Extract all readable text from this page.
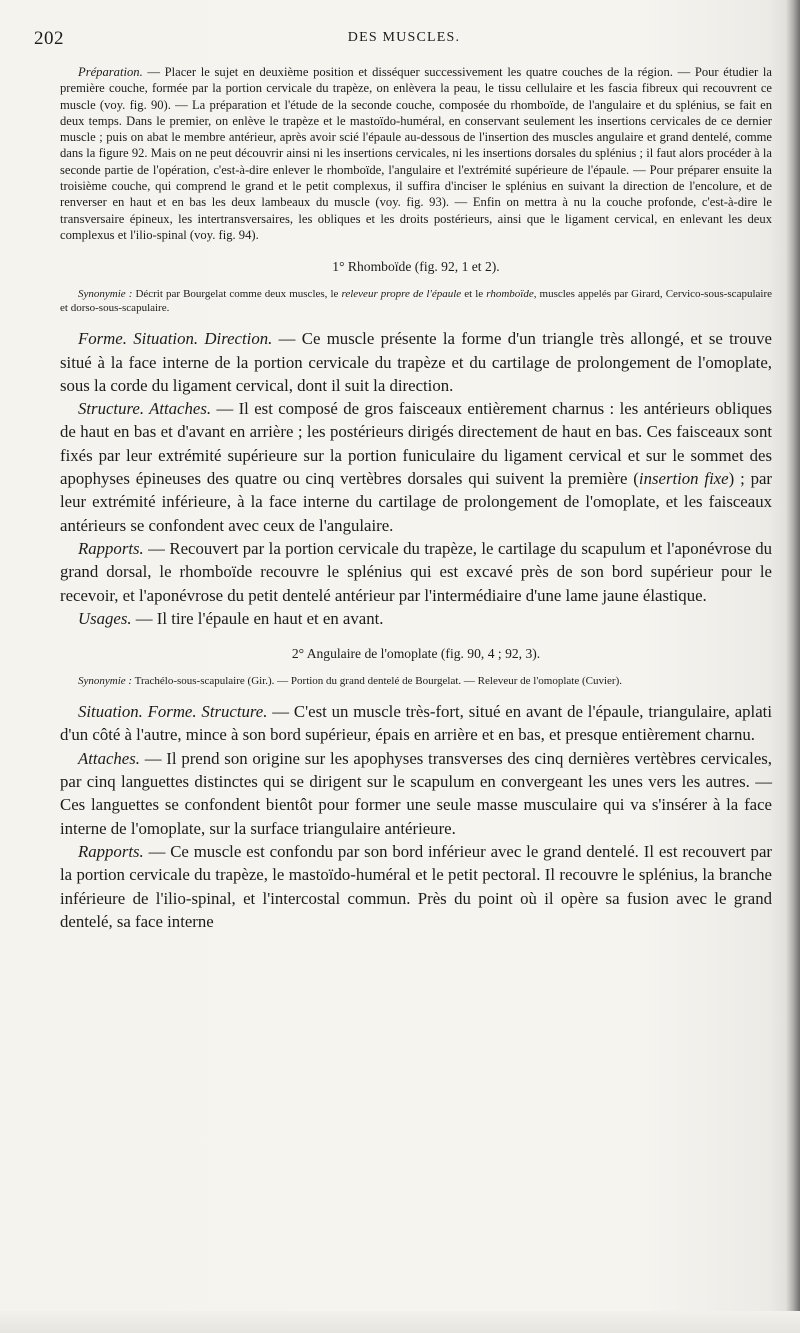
202	DES MUSCLES.

Préparation. — Placer le sujet en deuxième position et disséquer successivement les quatre couches de la région. — Pour étudier la première couche, formée par la portion cervicale du trapèze, on enlèvera la peau, le tissu cellulaire et les fascia fibreux qui recouvrent ce muscle (voy. fig. 90). — La préparation et l'étude de la seconde couche, composée du rhomboïde, de l'angulaire et du splénius, se fait en deux temps. Dans le premier, on enlève le trapèze et le mastoïdo-huméral, en conservant seulement les insertions cervicales de ce dernier muscle ; puis on abat le membre antérieur, après avoir scié l'épaule au-dessous de l'insertion des muscles angulaire et grand dentelé, comme dans la figure 92. Mais on ne peut découvrir ainsi ni les insertions cervicales, ni les insertions dorsales du splénius ; il faut alors procéder à la seconde partie de l'opération, c'est-à-dire enlever le rhomboïde, l'angulaire et l'extrémité supérieure de l'épaule. — Pour préparer ensuite la troisième couche, qui comprend le grand et le petit complexus, il suffira d'inciser le splénius en suivant la direction de l'encolure, et de renverser en haut et en bas les deux lambeaux du muscle (voy. fig. 93). — Enfin on mettra à nu la couche profonde, c'est-à-dire le transversaire épineux, les intertransversaires, les obliques et les droits postérieurs, ainsi que le ligament cervical, en enlevant les deux complexus et l'ilio-spinal (voy. fig. 94).

1° Rhomboïde (fig. 92, 1 et 2).

Synonymie : Décrit par Bourgelat comme deux muscles, le releveur propre de l'épaule et le rhomboïde, muscles appelés par Girard, Cervico-sous-scapulaire et dorso-sous-scapulaire.

Forme. Situation. Direction. — Ce muscle présente la forme d'un triangle très allongé, et se trouve situé à la face interne de la portion cervicale du trapèze et du cartilage de prolongement de l'omoplate, sous la corde du ligament cervical, dont il suit la direction.

Structure. Attaches. — Il est composé de gros faisceaux entièrement charnus : les antérieurs obliques de haut en bas et d'avant en arrière ; les postérieurs dirigés directement de haut en bas. Ces faisceaux sont fixés par leur extrémité supérieure sur la portion funiculaire du ligament cervical et sur le sommet des apophyses épineuses des quatre ou cinq vertèbres dorsales qui suivent la première (insertion fixe) ; par leur extrémité inférieure, à la face interne du cartilage de prolongement de l'omoplate, et les faisceaux antérieurs se confondent avec ceux de l'angulaire.

Rapports. — Recouvert par la portion cervicale du trapèze, le cartilage du scapulum et l'aponévrose du grand dorsal, le rhomboïde recouvre le splénius qui est excavé près de son bord supérieur pour le recevoir, et l'aponévrose du petit dentelé antérieur par l'intermédiaire d'une lame jaune élastique.

Usages. — Il tire l'épaule en haut et en avant.

2° Angulaire de l'omoplate (fig. 90, 4 ; 92, 3).

Synonymie : Trachélo-sous-scapulaire (Gir.). — Portion du grand dentelé de Bourgelat. — Releveur de l'omoplate (Cuvier).

Situation. Forme. Structure. — C'est un muscle très-fort, situé en avant de l'épaule, triangulaire, aplati d'un côté à l'autre, mince à son bord supérieur, épais en arrière et en bas, et presque entièrement charnu.

Attaches. — Il prend son origine sur les apophyses transverses des cinq dernières vertèbres cervicales, par cinq languettes distinctes qui se dirigent sur le scapulum en convergeant les unes vers les autres. — Ces languettes se confondent bientôt pour former une seule masse musculaire qui va s'insérer à la face interne de l'omoplate, sur la surface triangulaire antérieure.

Rapports. — Ce muscle est confondu par son bord inférieur avec le grand dentelé. Il est recouvert par la portion cervicale du trapèze, le mastoïdo-huméral et le petit pectoral. Il recouvre le splénius, la branche inférieure de l'ilio-spinal, et l'intercostal commun. Près du point où il opère sa fusion avec le grand dentelé, sa face interne
